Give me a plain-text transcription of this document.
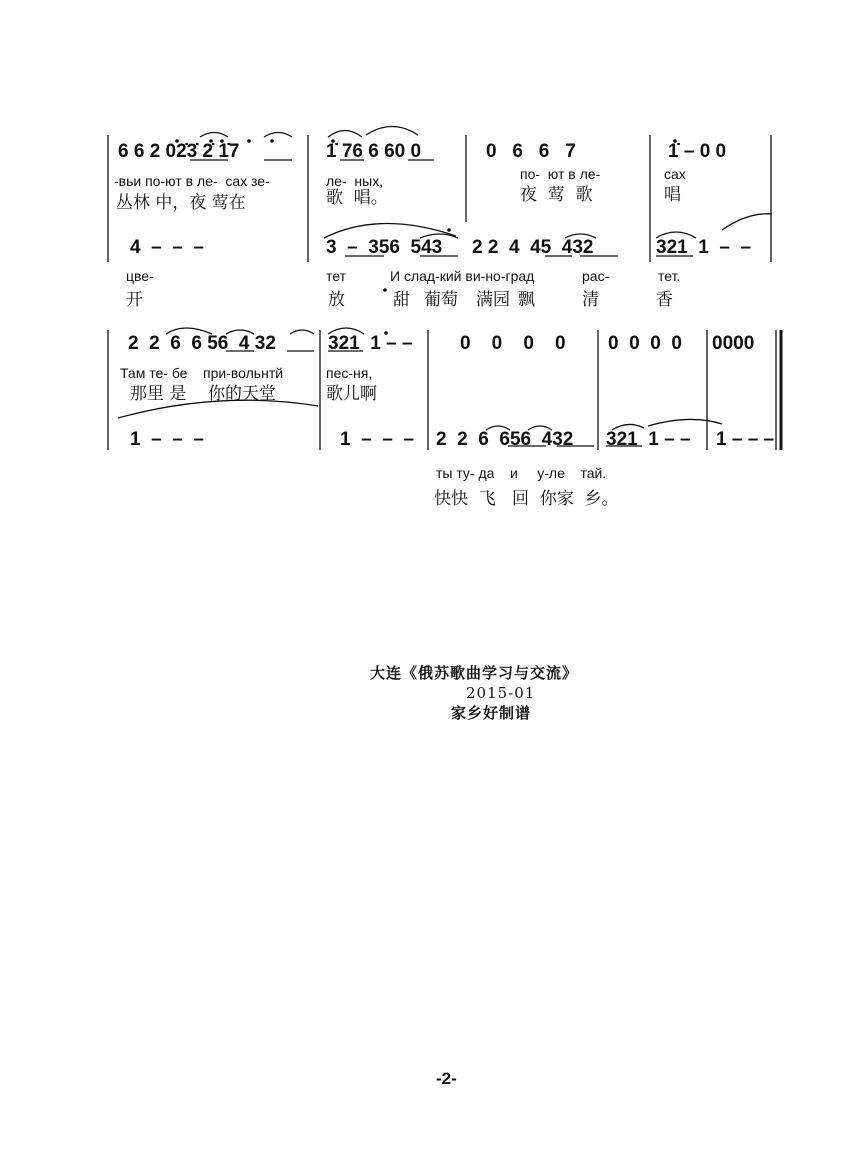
6 6 2 02̇3̇ 2̇ 1̇7
-вьи по-ют в ле-  сах зе-
丛林 中，夜 莺在
1̇ 76 6 60 0
ле-  ных,
歌  唱。
0   6   6   7
по-  ют в ле-
夜  莺  歌
1̇ – 0 0
сах
唱
4  –  –  –	3  –  356  543 2 2  4  45  432	321  1  –  –
цве-	тет	И слад-кий ви-но-град	рас-	тет.
开	放	甜 葡萄 满园 飘	清	香
2  2  6  6 56  4 32
Там те- бе    при-вольнтй
那里 是    你的天堂
321  1 – –
пес-ня,
歌儿啊
0    0    0    0 0  0  0  0 0000
1  –  –  –	1  –  –  – 2  2  6  656  432 321  1 – – 1 – – –
ты ту- да    и     у-ле    тай.
快快  飞   回  你家  乡。
大连《俄苏歌曲学习与交流》
2015-01
家乡好制谱
-2-
